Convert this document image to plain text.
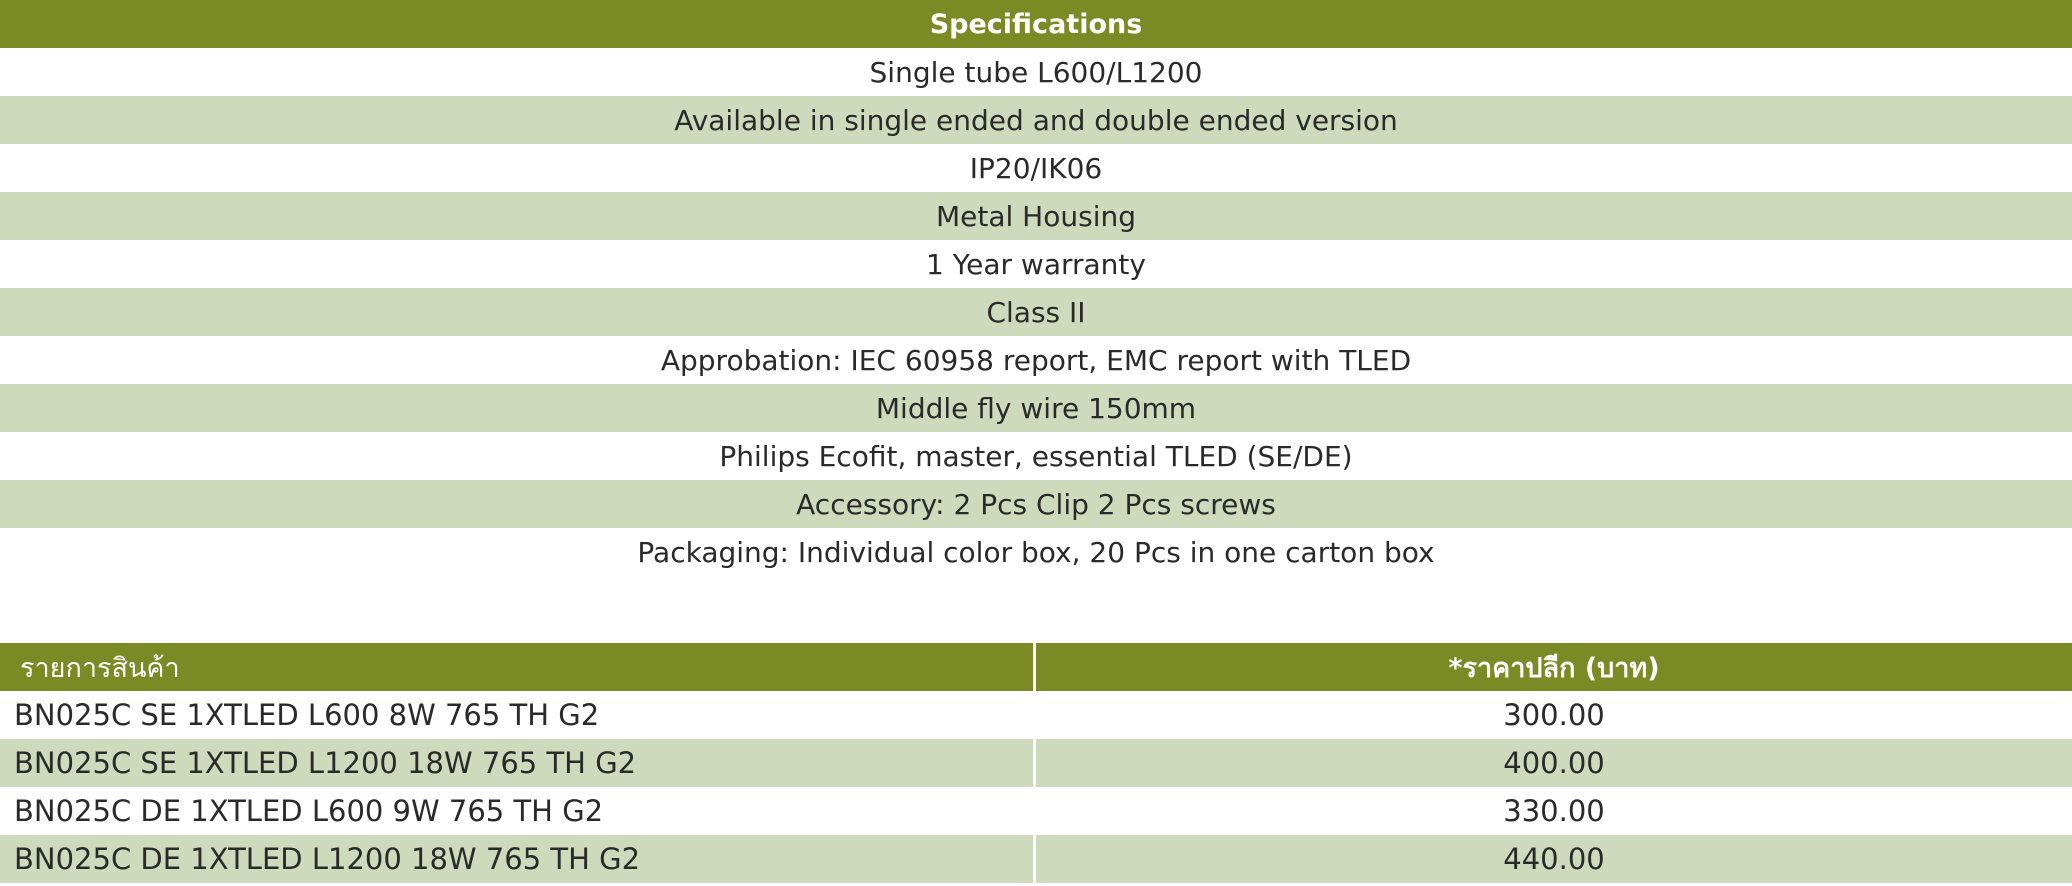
Specifications
Single tube L600/L1200
Available in single ended and double ended version
IP20/IK06
Metal Housing
1 Year warranty
Class II
Approbation: IEC 60958 report, EMC report with TLED
Middle fly wire 150mm
Philips Ecofit, master, essential TLED (SE/DE)
Accessory: 2 Pcs Clip 2 Pcs screws
Packaging: Individual color box, 20 Pcs in one carton box
รายการสินค้า	*ราคาปลีก (บาท)
BN025C SE 1XTLED L600 8W 765 TH G2	300.00
BN025C SE 1XTLED L1200 18W 765 TH G2	400.00
BN025C DE 1XTLED L600 9W 765 TH G2	330.00
BN025C DE 1XTLED L1200 18W 765 TH G2	440.00
